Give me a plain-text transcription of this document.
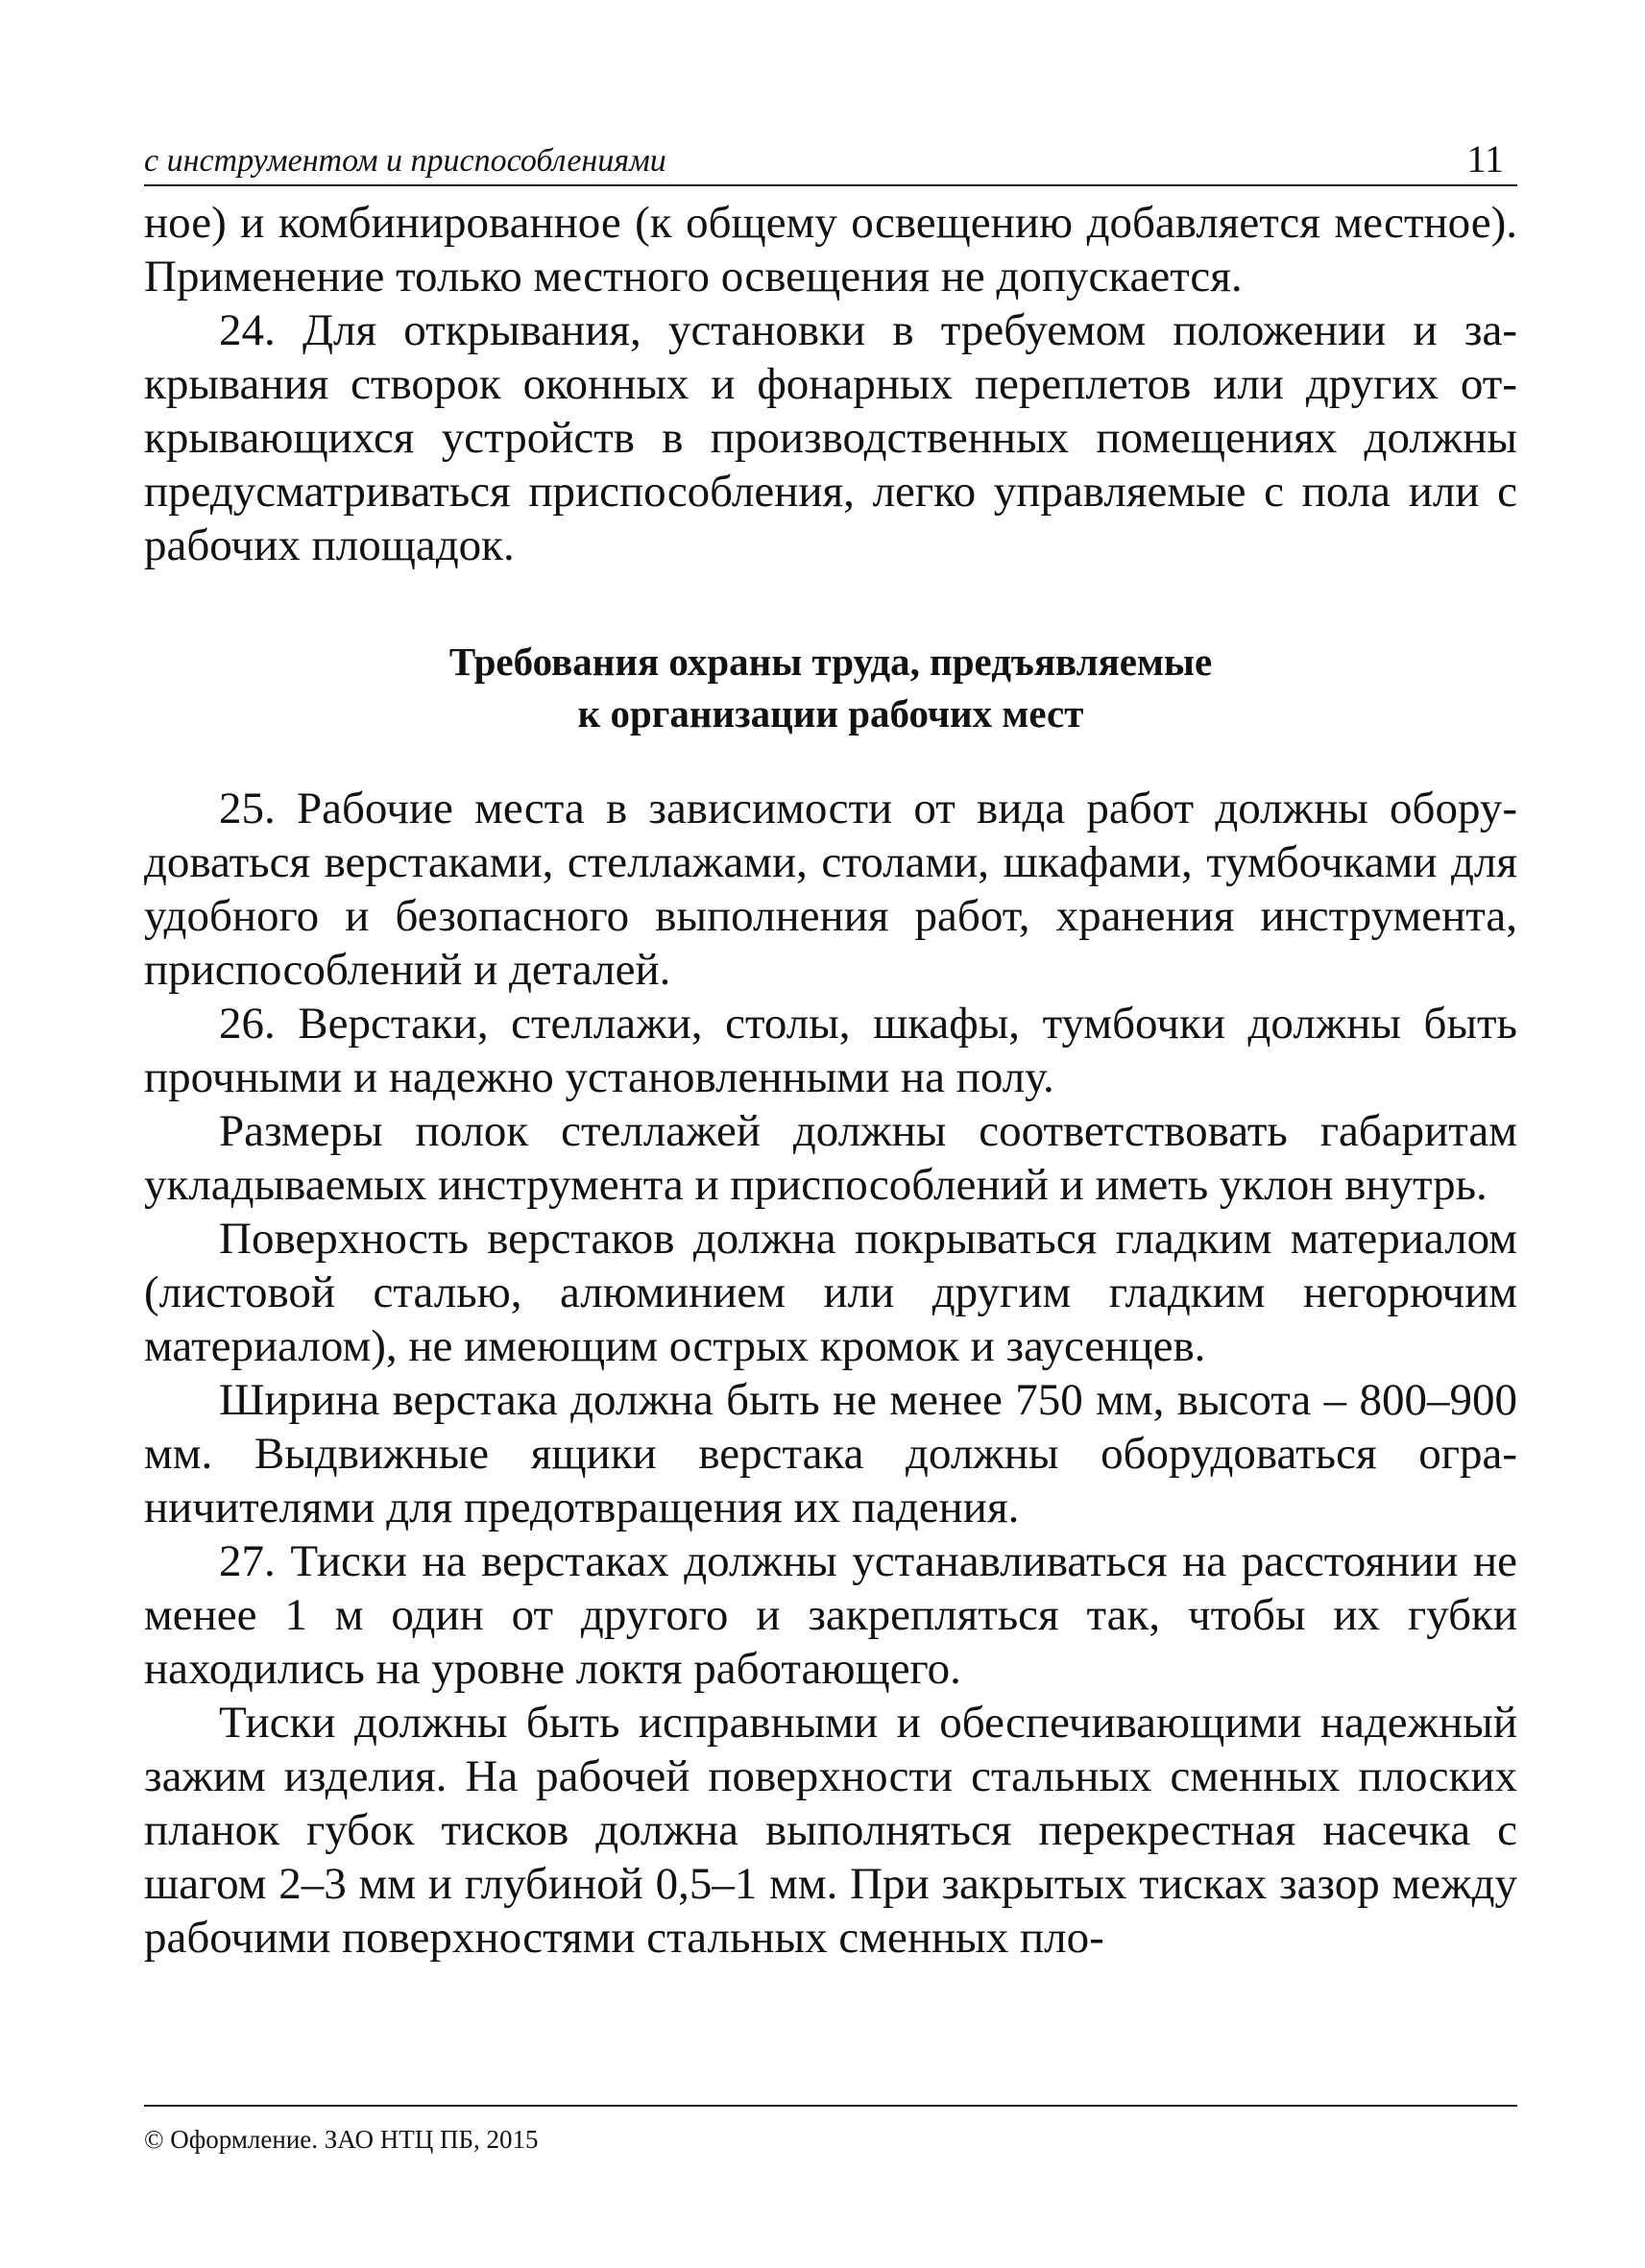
с инструментом и приспособлениями	11

ное) и комбинированное (к общему освещению добавляется местное). Применение только местного освещения не допускается.

24. Для открывания, установки в требуемом положении и закрывания створок оконных и фонарных переплетов или других открывающихся устройств в производственных помещениях должны предусматриваться приспособления, легко управляемые с пола или с рабочих площадок.

Требования охраны труда, предъявляемые
к организации рабочих мест

25. Рабочие места в зависимости от вида работ должны оборудоваться верстаками, стеллажами, столами, шкафами, тумбочками для удобного и безопасного выполнения работ, хранения инструмента, приспособлений и деталей.

26. Верстаки, стеллажи, столы, шкафы, тумбочки должны быть прочными и надежно установленными на полу.

Размеры полок стеллажей должны соответствовать габаритам укладываемых инструмента и приспособлений и иметь уклон внутрь.

Поверхность верстаков должна покрываться гладким материалом (листовой сталью, алюминием или другим гладким негорючим материалом), не имеющим острых кромок и заусенцев.

Ширина верстака должна быть не менее 750 мм, высота – 800–900 мм. Выдвижные ящики верстака должны оборудоваться ограничителями для предотвращения их падения.

27. Тиски на верстаках должны устанавливаться на расстоянии не менее 1 м один от другого и закрепляться так, чтобы их губки находились на уровне локтя работающего.

Тиски должны быть исправными и обеспечивающими надежный зажим изделия. На рабочей поверхности стальных сменных плоских планок губок тисков должна выполняться перекрестная насечка с шагом 2–3 мм и глубиной 0,5–1 мм. При закрытых тисках зазор между рабочими поверхностями стальных сменных пло-

© Оформление. ЗАО НТЦ ПБ, 2015
